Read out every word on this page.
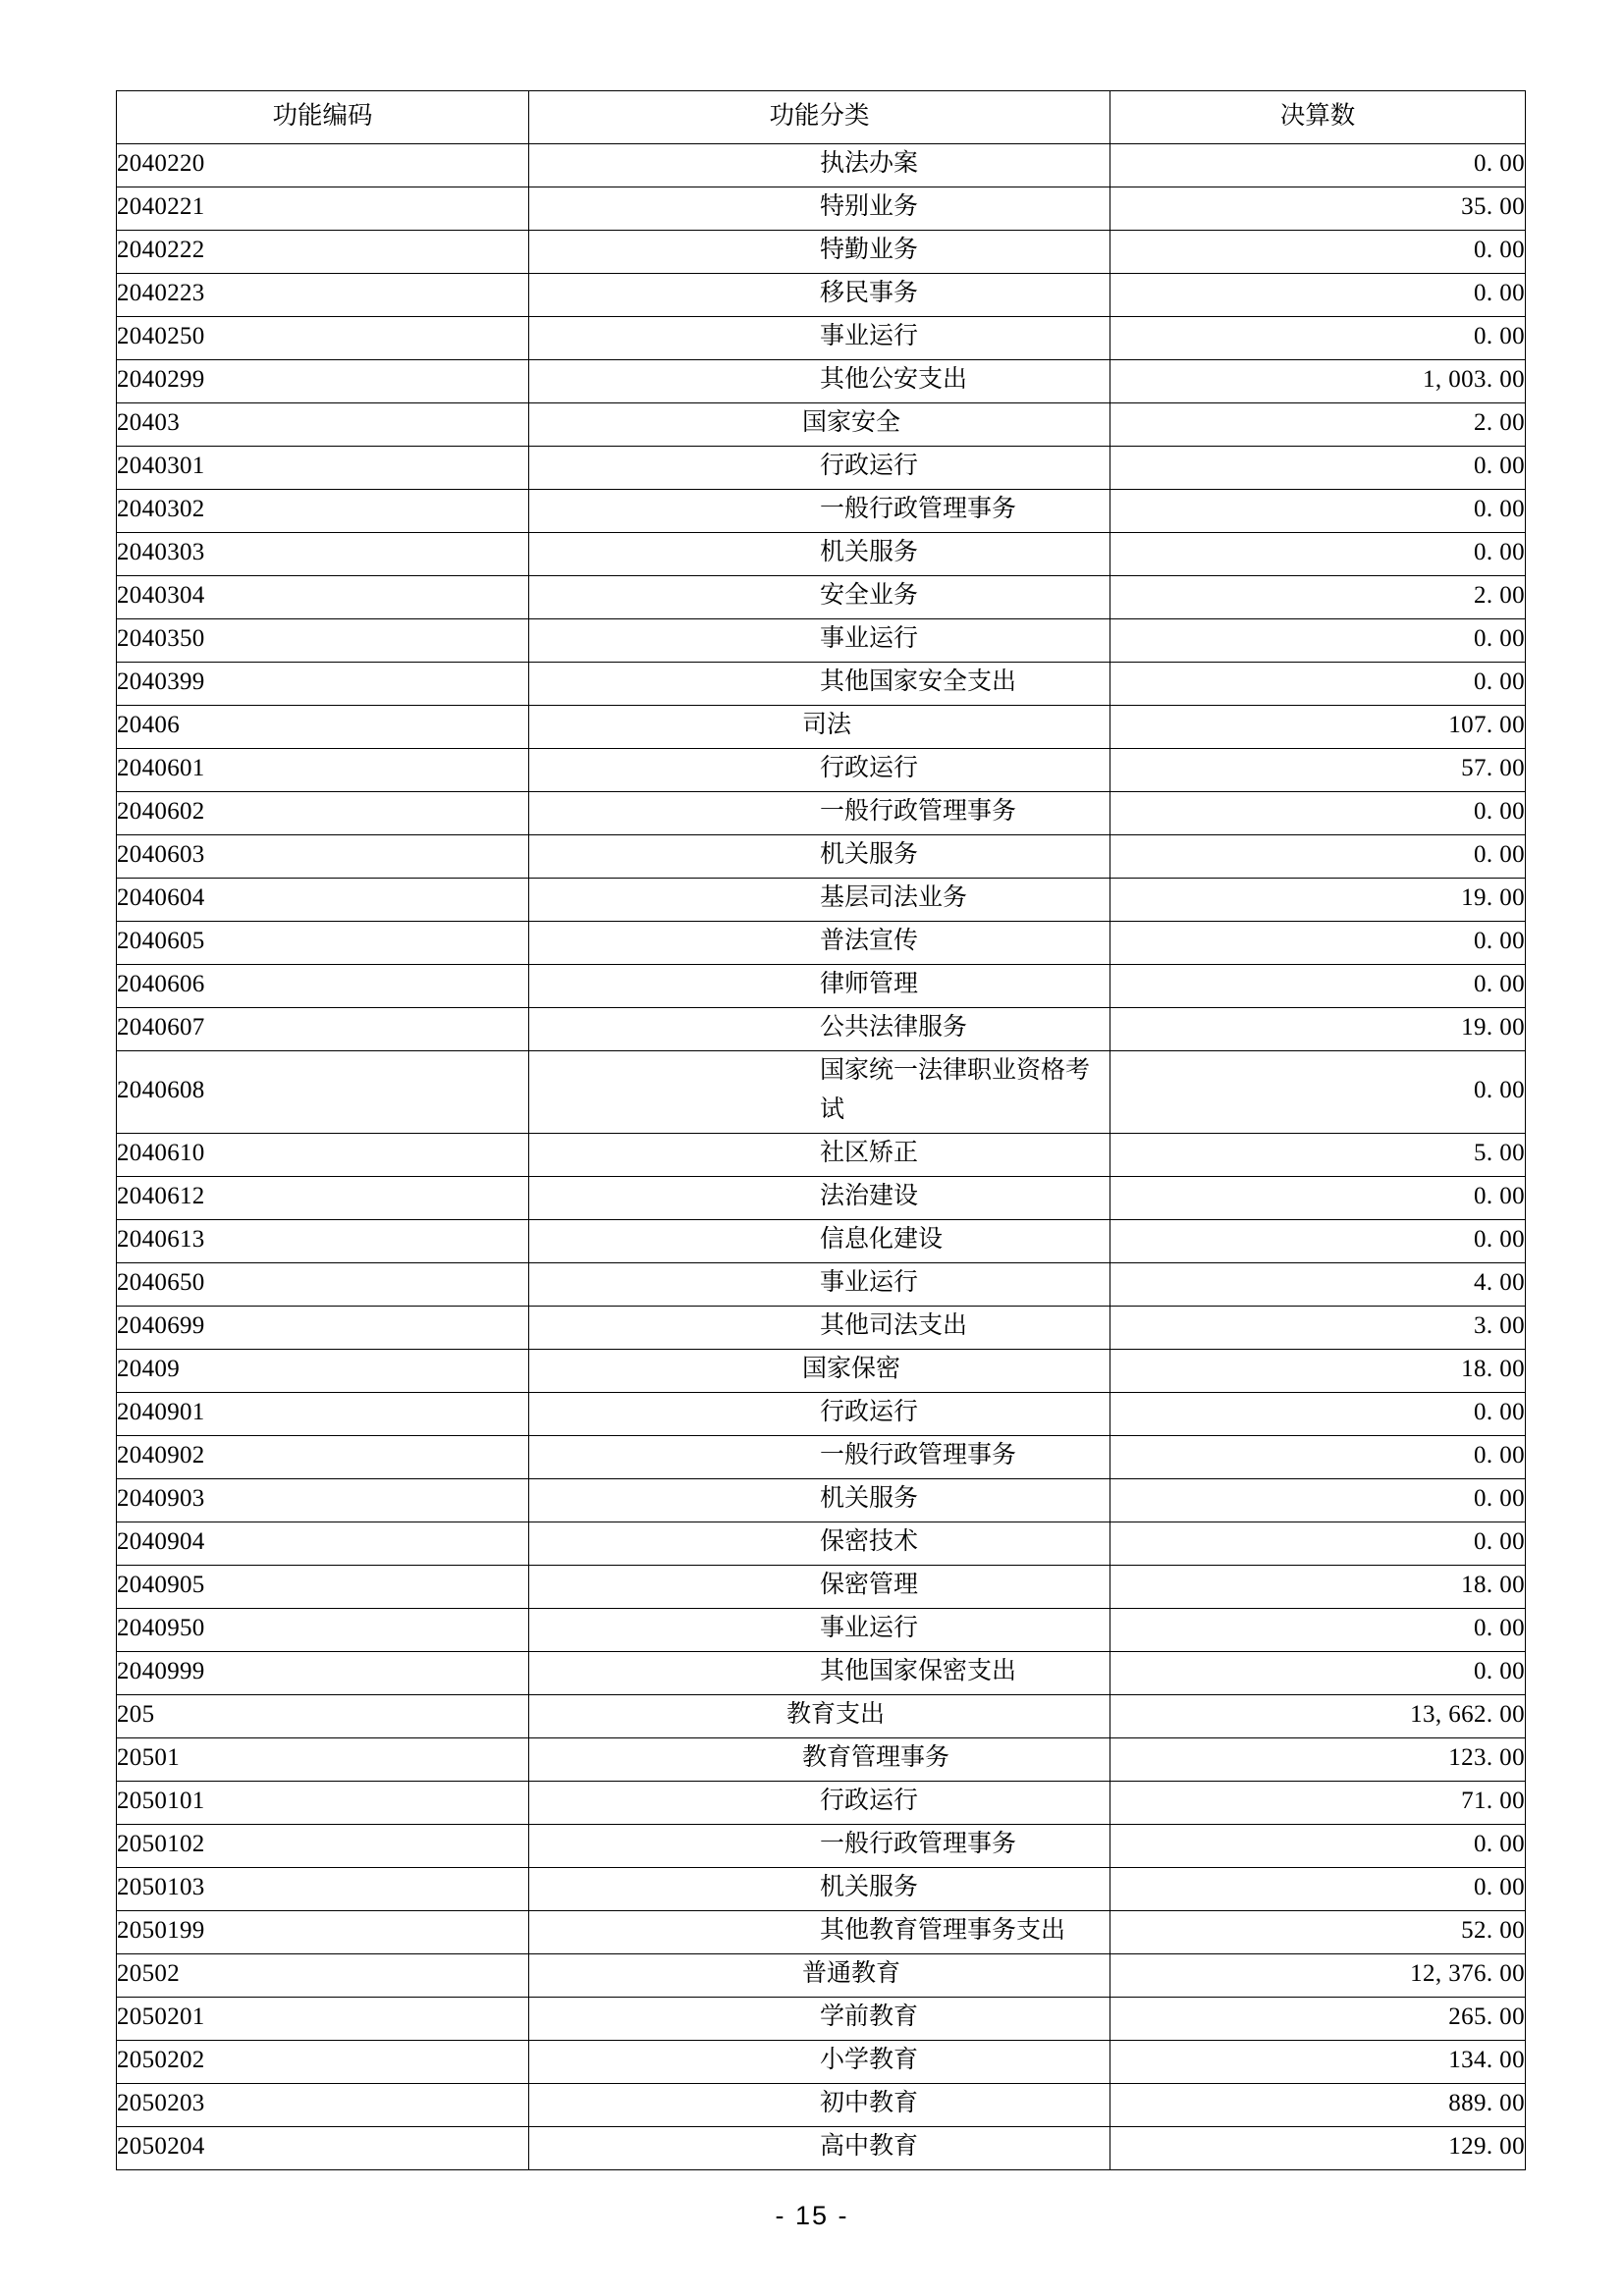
功能编码	功能分类	决算数
2040220	执法办案	0. 00
2040221	特别业务	35. 00
2040222	特勤业务	0. 00
2040223	移民事务	0. 00
2040250	事业运行	0. 00
2040299	其他公安支出	1, 003. 00
20403	国家安全	2. 00
2040301	行政运行	0. 00
2040302	一般行政管理事务	0. 00
2040303	机关服务	0. 00
2040304	安全业务	2. 00
2040350	事业运行	0. 00
2040399	其他国家安全支出	0. 00
20406	司法	107. 00
2040601	行政运行	57. 00
2040602	一般行政管理事务	0. 00
2040603	机关服务	0. 00
2040604	基层司法业务	19. 00
2040605	普法宣传	0. 00
2040606	律师管理	0. 00
2040607	公共法律服务	19. 00
2040608	国家统一法律职业资格考试	0. 00
2040610	社区矫正	5. 00
2040612	法治建设	0. 00
2040613	信息化建设	0. 00
2040650	事业运行	4. 00
2040699	其他司法支出	3. 00
20409	国家保密	18. 00
2040901	行政运行	0. 00
2040902	一般行政管理事务	0. 00
2040903	机关服务	0. 00
2040904	保密技术	0. 00
2040905	保密管理	18. 00
2040950	事业运行	0. 00
2040999	其他国家保密支出	0. 00
205	教育支出	13, 662. 00
20501	教育管理事务	123. 00
2050101	行政运行	71. 00
2050102	一般行政管理事务	0. 00
2050103	机关服务	0. 00
2050199	其他教育管理事务支出	52. 00
20502	普通教育	12, 376. 00
2050201	学前教育	265. 00
2050202	小学教育	134. 00
2050203	初中教育	889. 00
2050204	高中教育	129. 00
- 15 -
